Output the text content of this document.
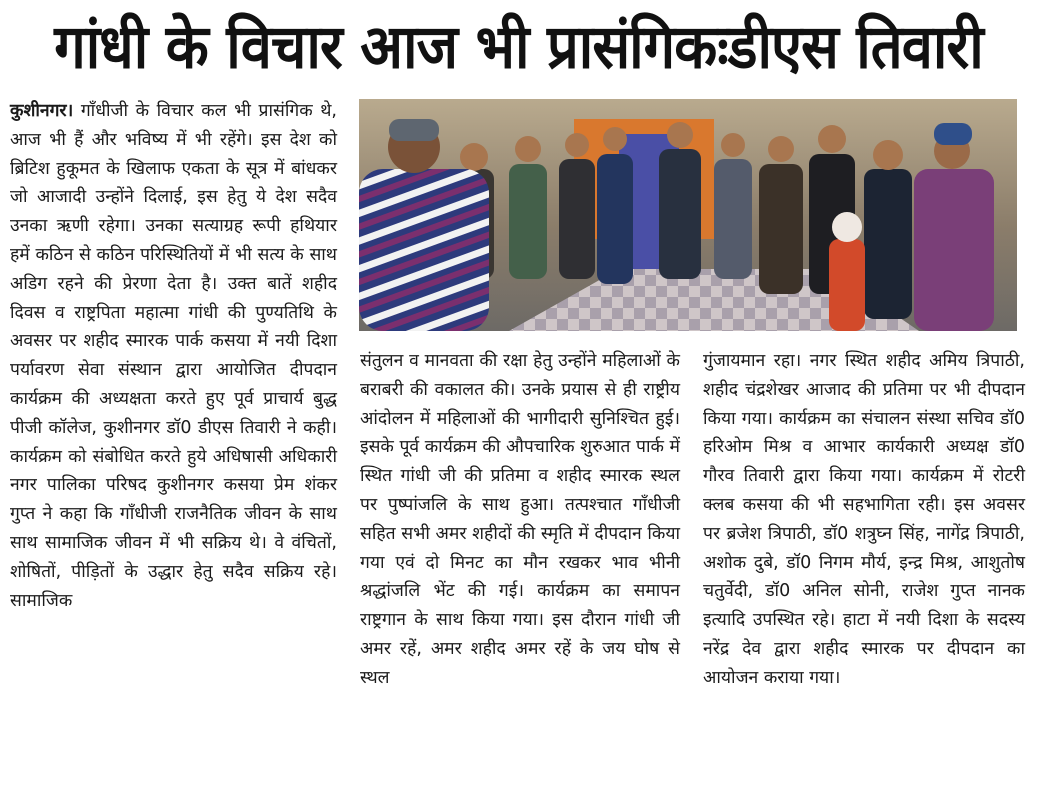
गांधी के विचार आज भी प्रासंगिकःडीएस तिवारी
कुशीनगर। गाँधीजी के विचार कल भी प्रासंगिक थे, आज भी हैं और भविष्य में भी रहेंगे। इस देश को ब्रिटिश हुकूमत के खिलाफ एकता के सूत्र में बांधकर जो आजादी उन्होंने दिलाई, इस हेतु ये देश सदैव उनका ऋणी रहेगा। उनका सत्याग्रह रूपी हथियार हमें कठिन से कठिन परिस्थितियों में भी सत्य के साथ अडिग रहने की प्रेरणा देता है। उक्त बातें शहीद दिवस व राष्ट्रपिता महात्मा गांधी की पुण्यतिथि के अवसर पर शहीद स्मारक पार्क कसया में नयी दिशा पर्यावरण सेवा संस्थान द्वारा आयोजित दीपदान कार्यक्रम की अध्यक्षता करते हुए पूर्व प्राचार्य बुद्ध पीजी कॉलेज, कुशीनगर डॉ0 डीएस तिवारी ने कही। कार्यक्रम को संबोधित करते हुये अधिषासी अधिकारी नगर पालिका परिषद कुशीनगर कसया प्रेम शंकर गुप्त ने कहा कि गाँधीजी राजनैतिक जीवन के साथ साथ सामाजिक जीवन में भी सक्रिय थे। वे वंचितों, शोषितों, पीड़ितों के उद्धार हेतु सदैव सक्रिय रहे। सामाजिक
संतुलन व मानवता की रक्षा हेतु उन्होंने महिलाओं के बराबरी की वकालत की। उनके प्रयास से ही राष्ट्रीय आंदोलन में महिलाओं की भागीदारी सुनिश्चित हुई। इसके पूर्व कार्यक्रम की औपचारिक शुरुआत पार्क में स्थित गांधी जी की प्रतिमा व शहीद स्मारक स्थल पर पुष्पांजलि के साथ हुआ। तत्पश्चात गाँधीजी सहित सभी अमर शहीदों की स्मृति में दीपदान किया गया एवं दो मिनट का मौन रखकर भाव भीनी श्रद्धांजलि भेंट की गई। कार्यक्रम का समापन राष्ट्रगान के साथ किया गया। इस दौरान गांधी जी अमर रहें, अमर शहीद अमर रहें के जय घोष से स्थल
गुंजायमान रहा। नगर स्थित शहीद अमिय त्रिपाठी, शहीद चंद्रशेखर आजाद की प्रतिमा पर भी दीपदान किया गया। कार्यक्रम का संचालन संस्था सचिव डॉ0 हरिओम मिश्र व आभार कार्यकारी अध्यक्ष डॉ0 गौरव तिवारी द्वारा किया गया। कार्यक्रम में रोटरी क्लब कसया की भी सहभागिता रही। इस अवसर पर ब्रजेश त्रिपाठी, डॉ0 शत्रुघ्न सिंह, नागेंद्र त्रिपाठी, अशोक दुबे, डॉ0 निगम मौर्य, इन्द्र मिश्र, आशुतोष चतुर्वेदी, डॉ0 अनिल सोनी, राजेश गुप्त नानक इत्यादि उपस्थित रहे। हाटा में नयी दिशा के सदस्य नरेंद्र देव द्वारा शहीद स्मारक पर दीपदान का आयोजन कराया गया।
